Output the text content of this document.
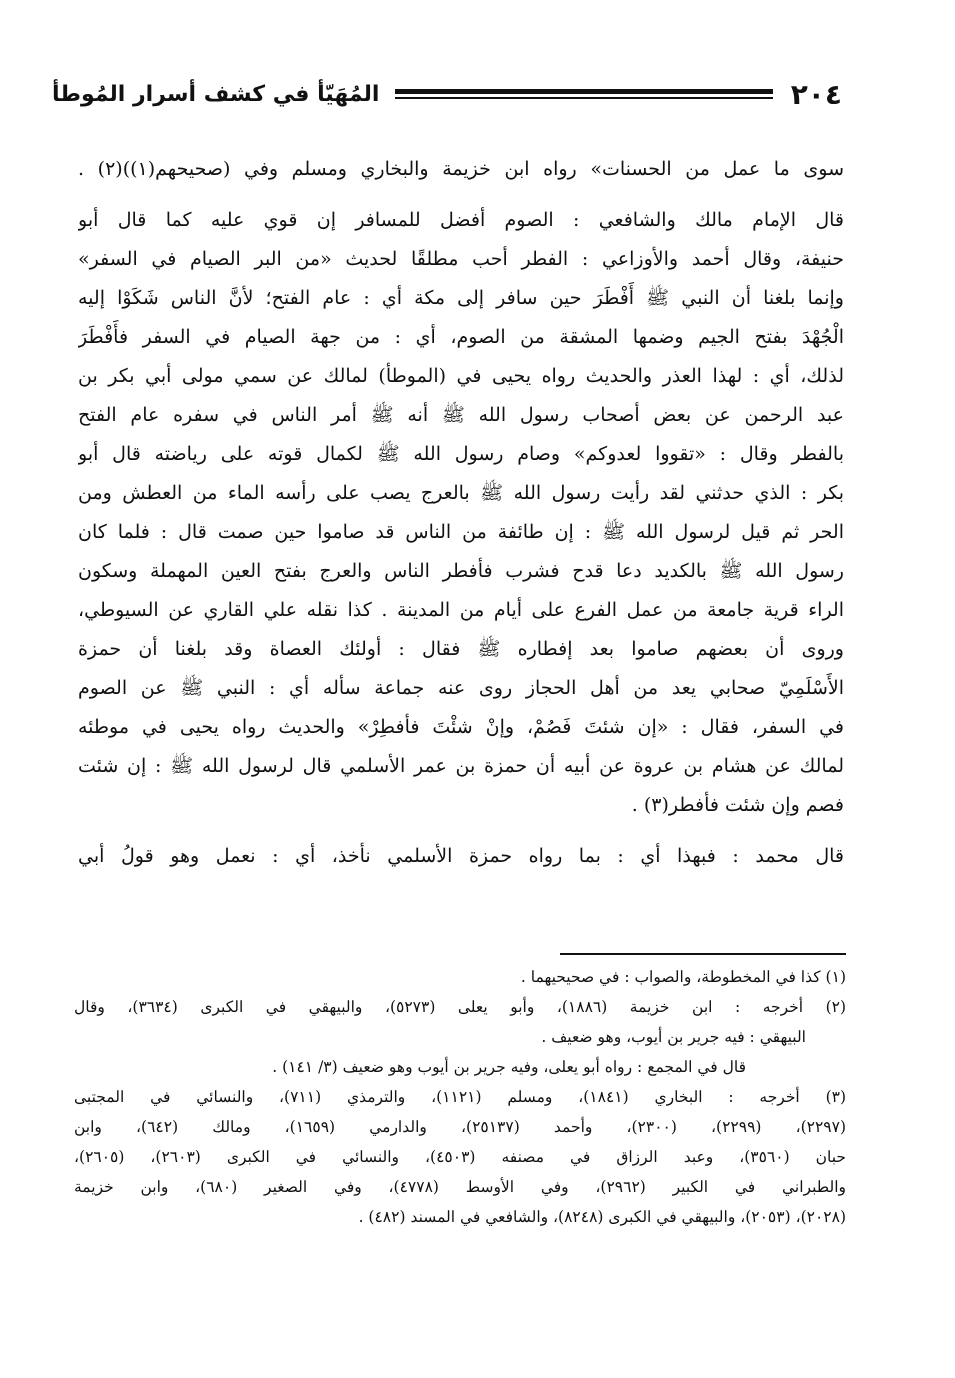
٢٠٤
المُهَيّأ في كشف أسرار المُوطأ
سوى ما عمل من الحسنات» رواه ابن خزيمة والبخاري ومسلم وفي (صحيحهم(١))(٢) .
قال الإمام مالك والشافعي : الصوم أفضل للمسافر إن قوي عليه كما قال أبو
حنيفة، وقال أحمد والأوزاعي : الفطر أحب مطلقًا لحديث «من البر الصيام في السفر»
وإنما بلغنا أن النبي ﷺ أَفْطَرَ حين سافر إلى مكة أي : عام الفتح؛ لأنَّ الناس شَكَوْا إليه
الْجُهْدَ بفتح الجيم وضمها المشقة من الصوم، أي : من جهة الصيام في السفر فأَفْطَرَ
لذلك، أي : لهذا العذر والحديث رواه يحيى في (الموطأ) لمالك عن سمي مولى أبي بكر بن
عبد الرحمن عن بعض أصحاب رسول الله ﷺ أنه ﷺ أمر الناس في سفره عام الفتح
بالفطر وقال : «تقووا لعدوكم» وصام رسول الله ﷺ لكمال قوته على رياضته قال أبو
بكر : الذي حدثني لقد رأيت رسول الله ﷺ بالعرج يصب على رأسه الماء من العطش ومن
الحر ثم قيل لرسول الله ﷺ : إن طائفة من الناس قد صاموا حين صمت قال : فلما كان
رسول الله ﷺ بالكديد دعا قدح فشرب فأفطر الناس والعرج بفتح العين المهملة وسكون
الراء قرية جامعة من عمل الفرع على أيام من المدينة . كذا نقله علي القاري عن السيوطي،
وروى أن بعضهم صاموا بعد إفطاره ﷺ فقال : أولئك العصاة وقد بلغنا أن حمزة
الأَسْلَمِيّ صحابي يعد من أهل الحجاز روى عنه جماعة سأله أي : النبي ﷺ عن الصوم
في السفر، فقال : «إن شئتَ فَصُمْ، وإنْ شئْتَ فأفطِرْ» والحديث رواه يحيى في موطئه
لمالك عن هشام بن عروة عن أبيه أن حمزة بن عمر الأسلمي قال لرسول الله ﷺ : إن شئت
فصم وإن شئت فأفطر(٣) .
قال محمد : فبهذا أي : بما رواه حمزة الأسلمي نأخذ، أي : نعمل وهو قولُ أبي
(١) كذا في المخطوطة، والصواب : في صحيحيهما .
(٢) أخرجه : ابن خزيمة (١٨٨٦)، وأبو يعلى (٥٢٧٣)، والبيهقي في الكبرى (٣٦٣٤)، وقال
البيهقي : فيه جرير بن أيوب، وهو ضعيف .
قال في المجمع : رواه أبو يعلى، وفيه جرير بن أيوب وهو ضعيف (٣/ ١٤١) .
(٣) أخرجه : البخاري (١٨٤١)، ومسلم (١١٢١)، والترمذي (٧١١)، والنسائي في المجتبى
(٢٢٩٧)، (٢٢٩٩)، (٢٣٠٠)، وأحمد (٢٥١٣٧)، والدارمي (١٦٥٩)، ومالك (٦٤٢)، وابن
حبان (٣٥٦٠)، وعبد الرزاق في مصنفه (٤٥٠٣)، والنسائي في الكبرى (٢٦٠٣)، (٢٦٠٥)،
والطبراني في الكبير (٢٩٦٢)، وفي الأوسط (٤٧٧٨)، وفي الصغير (٦٨٠)، وابن خزيمة
(٢٠٢٨)، (٢٠٥٣)، والبيهقي في الكبرى (٨٢٤٨)، والشافعي في المسند (٤٨٢) .
